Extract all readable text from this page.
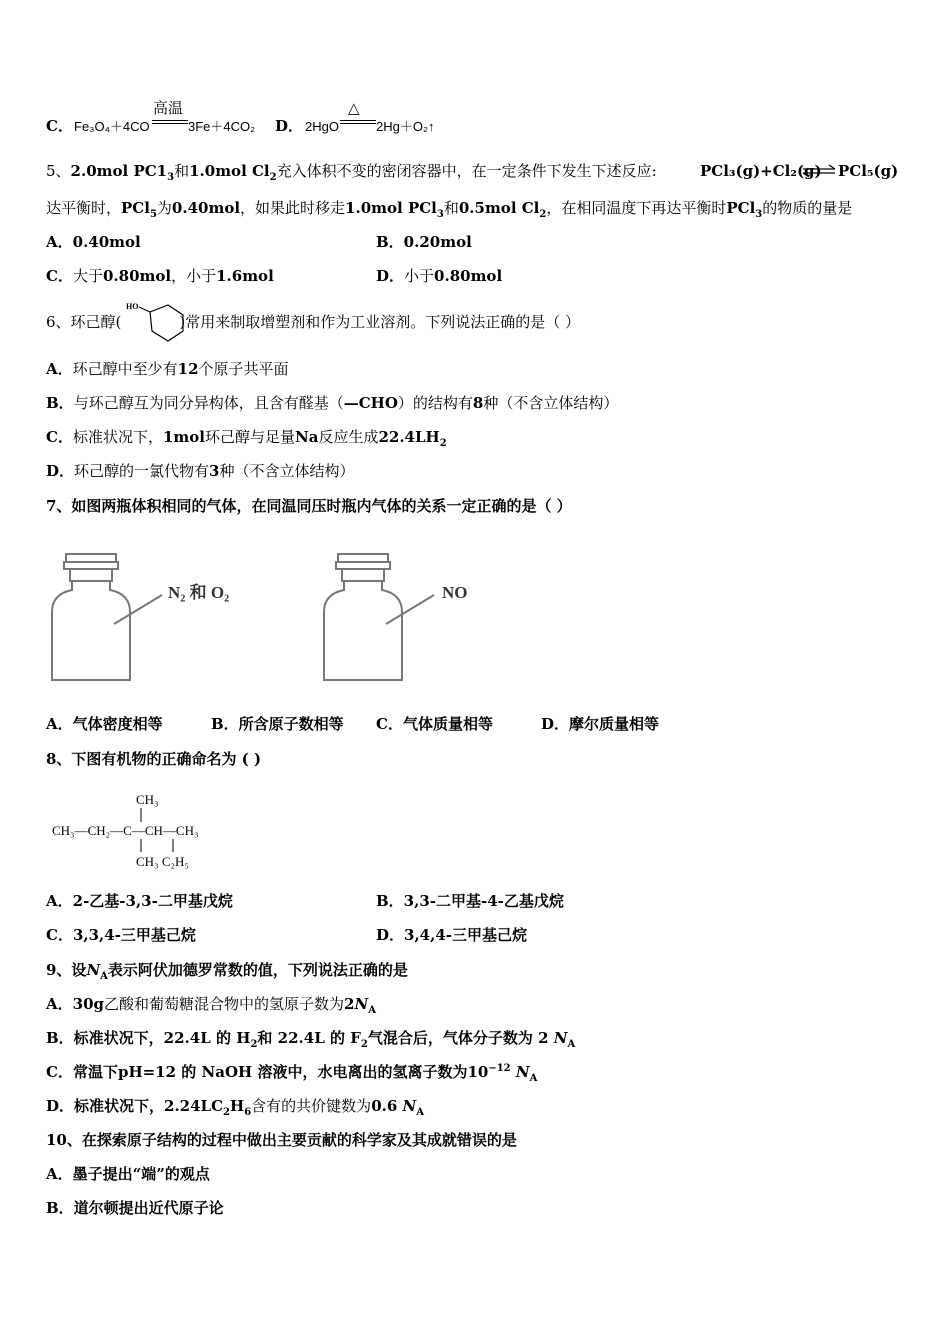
C． Fe₃O₄＋4CO
高温
3Fe＋4CO₂ D． 2HgO
△
2Hg＋O₂↑
5、2.0mol $PC1_3$和1.0mol $Cl_2$充入体积不变的密闭容器中，在一定条件下发生下述反应:	PCl₃(g)+Cl₂(g) PCl₅(g)
达平衡时，PCl$_5$为0.40mol，如果此时移走1.0mol PCl$_3$和0.5mol $Cl_2$，在相同温度下再达平衡时PCl$_3$的物质的量是
A．0.40mol	B．0.20mol
C．大于0.80mol，小于1.6mol	D．小于0.80mol
6、环己醇(	)常用来制取增塑剂和作为工业溶剂。下列说法正确的是（ ）
HO
A．环己醇中至少有12个原子共平面
B．与环己醇互为同分异构体，且含有醛基（—CHO）的结构有8种（不含立体结构）
C．标准状况下，1mol环己醇与足量Na反应生成$22.4LH_2$
D．环己醇的一氯代物有3种（不含立体结构）
7、如图两瓶体积相同的气体，在同温同压时瓶内气体的关系一定正确的是（ ）
N₂ 和 O₂	NO
A．气体密度相等	B．所含原子数相等 C．气体质量相等	D．摩尔质量相等
8、下图有机物的正确命名为 ( )
CH₃
CH₃—CH₂—C—CH—CH₃
CH₃ C₂H₅
A．2-乙基-3,3-二甲基戊烷	B．3,3-二甲基-4-乙基戊烷
C．3,3,4-三甲基己烷	D．3,4,4-三甲基己烷
9、设$N_A$表示阿伏加德罗常数的值，下列说法正确的是
A．30g乙酸和葡萄糖混合物中的氢原子数为$2N_A$
B．标准状况下，22.4L 的 $H_2$和 22.4L 的 $F_2$气混合后，气体分子数为 2 $N_A$
C．常温下pH=12 的 NaOH 溶液中，水电离出的氢离子数为$10^{-12}$ $N_A$
D．标准状况下，$2.24LC_2H_6$含有的共价键数为0.6 $N_A$
10、在探索原子结构的过程中做出主要贡献的科学家及其成就错误的是
A．墨子提出“端”的观点
B．道尔顿提出近代原子论
